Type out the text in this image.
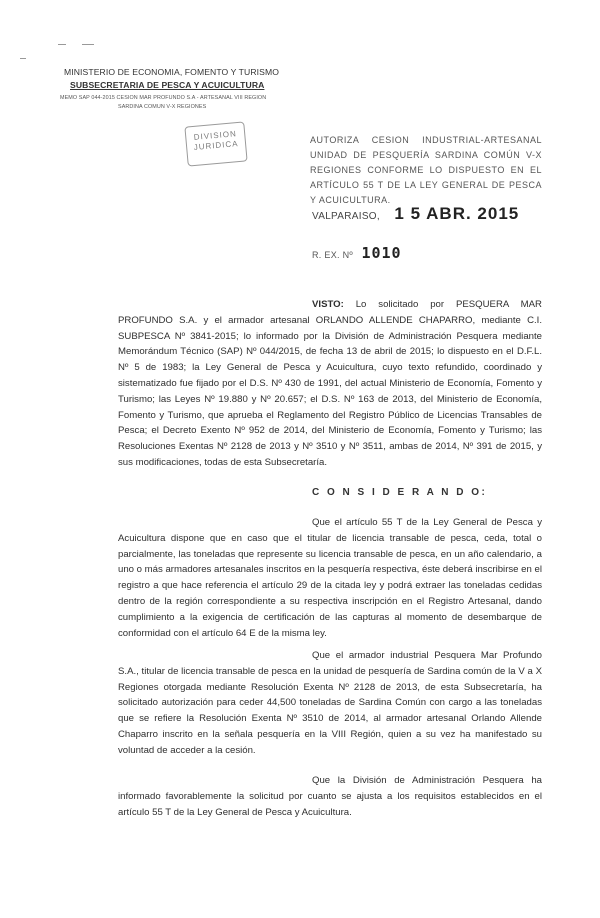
MINISTERIO DE ECONOMIA, FOMENTO Y TURISMO
SUBSECRETARIA DE PESCA Y ACUICULTURA
MEMO SAP 044-2015 CESION MAR PROFUNDO S.A - ARTESANAL VIII REGION
SARDINA COMUN V-X REGIONES
DIVISION
JURIDICA	AUTORIZA CESION INDUSTRIAL-ARTESANAL UNIDAD DE PESQUERÍA SARDINA COMÚN V-X REGIONES CONFORME LO DISPUESTO EN EL ARTÍCULO 55 T DE LA LEY GENERAL DE PESCA Y ACUICULTURA.
VALPARAISO, 1 5 ABR. 2015
R. EX. Nº 1010
VISTO: Lo solicitado por PESQUERA MAR PROFUNDO S.A. y el armador artesanal ORLANDO ALLENDE CHAPARRO, mediante C.I. SUBPESCA Nº 3841-2015; lo informado por la División de Administración Pesquera mediante Memorándum Técnico (SAP) Nº 044/2015, de fecha 13 de abril de 2015; lo dispuesto en el D.F.L. Nº 5 de 1983; la Ley General de Pesca y Acuicultura, cuyo texto refundido, coordinado y sistematizado fue fijado por el D.S. Nº 430 de 1991, del actual Ministerio de Economía, Fomento y Turismo; las Leyes Nº 19.880 y Nº 20.657; el D.S. Nº 163 de 2013, del Ministerio de Economía, Fomento y Turismo, que aprueba el Reglamento del Registro Público de Licencias Transables de Pesca; el Decreto Exento Nº 952 de 2014, del Ministerio de Economía, Fomento y Turismo; las Resoluciones Exentas Nº 2128 de 2013 y Nº 3510 y Nº 3511, ambas de 2014, Nº 391 de 2015, y sus modificaciones, todas de esta Subsecretaría.
C O N S I D E R A N D O:
Que el artículo 55 T de la Ley General de Pesca y Acuicultura dispone que en caso que el titular de licencia transable de pesca, ceda, total o parcialmente, las toneladas que represente su licencia transable de pesca, en un año calendario, a uno o más armadores artesanales inscritos en la pesquería respectiva, éste deberá inscribirse en el registro a que hace referencia el artículo 29 de la citada ley y podrá extraer las toneladas cedidas dentro de la región correspondiente a su respectiva inscripción en el Registro Artesanal, dando cumplimiento a la exigencia de certificación de las capturas al momento de desembarque de conformidad con el artículo 64 E de la misma ley.
Que el armador industrial Pesquera Mar Profundo S.A., titular de licencia transable de pesca en la unidad de pesquería de Sardina común de la V a X Regiones otorgada mediante Resolución Exenta Nº 2128 de 2013, de esta Subsecretaría, ha solicitado autorización para ceder 44,500 toneladas de Sardina Común con cargo a las toneladas que se refiere la Resolución Exenta Nº 3510 de 2014, al armador artesanal Orlando Allende Chaparro inscrito en la señala pesquería en la VIII Región, quien a su vez ha manifestado su voluntad de acceder a la cesión.
Que la División de Administración Pesquera ha informado favorablemente la solicitud por cuanto se ajusta a los requisitos establecidos en el artículo 55 T de la Ley General de Pesca y Acuicultura.
